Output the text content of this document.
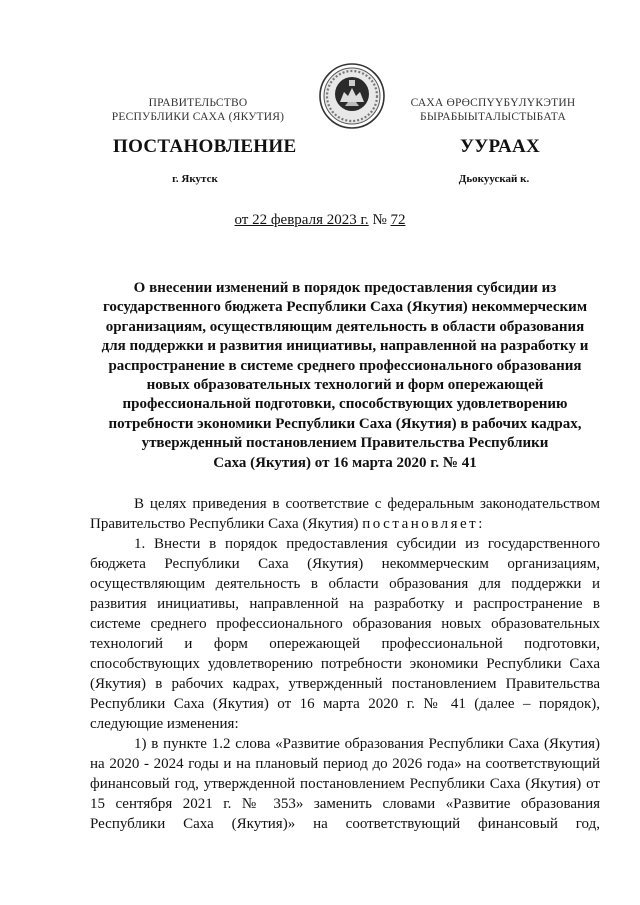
ПРАВИТЕЛЬСТВО
РЕСПУБЛИКИ САХА (ЯКУТИЯ)
САХА ӨРӨСПҮҮБҮЛҮКЭТИН
БЫРАБЫЫТАЛЫСТЫБАТА
ПОСТАНОВЛЕНИЕ	УУРААХ
г. Якутск	Дьокуускай к.
от 22 февраля 2023 г. № 72
О внесении изменений в порядок предоставления субсидии из
государственного бюджета Республики Саха (Якутия) некоммерческим
организациям, осуществляющим деятельность в области образования
для поддержки и развития инициативы, направленной на разработку и
распространение в системе среднего профессионального образования
новых образовательных технологий и форм опережающей
профессиональной подготовки, способствующих удовлетворению
потребности экономики Республики Саха (Якутия) в рабочих кадрах,
утвержденный постановлением Правительства Республики
Саха (Якутия) от 16 марта 2020 г. № 41
В целях приведения в соответствие с федеральным законодательством
Правительство Республики Саха (Якутия) постановляет:
1. Внести в порядок предоставления субсидии из государственного
бюджета Республики Саха (Якутия) некоммерческим организациям,
осуществляющим деятельность в области образования для поддержки и
развития инициативы, направленной на разработку и распространение в
системе среднего профессионального образования новых образовательных
технологий и форм опережающей профессиональной подготовки,
способствующих удовлетворению потребности экономики Республики Саха
(Якутия) в рабочих кадрах, утвержденный постановлением Правительства
Республики Саха (Якутия) от 16 марта 2020 г. № 41 (далее – порядок),
следующие изменения:
1) в пункте 1.2 слова «Развитие образования Республики Саха (Якутия)
на 2020 - 2024 годы и на плановый период до 2026 года» на соответствующий
финансовый год, утвержденной постановлением Республики Саха (Якутия) от
15 сентября 2021 г. № 353» заменить словами «Развитие образования
Республики Саха (Якутия)» на соответствующий финансовый год,
